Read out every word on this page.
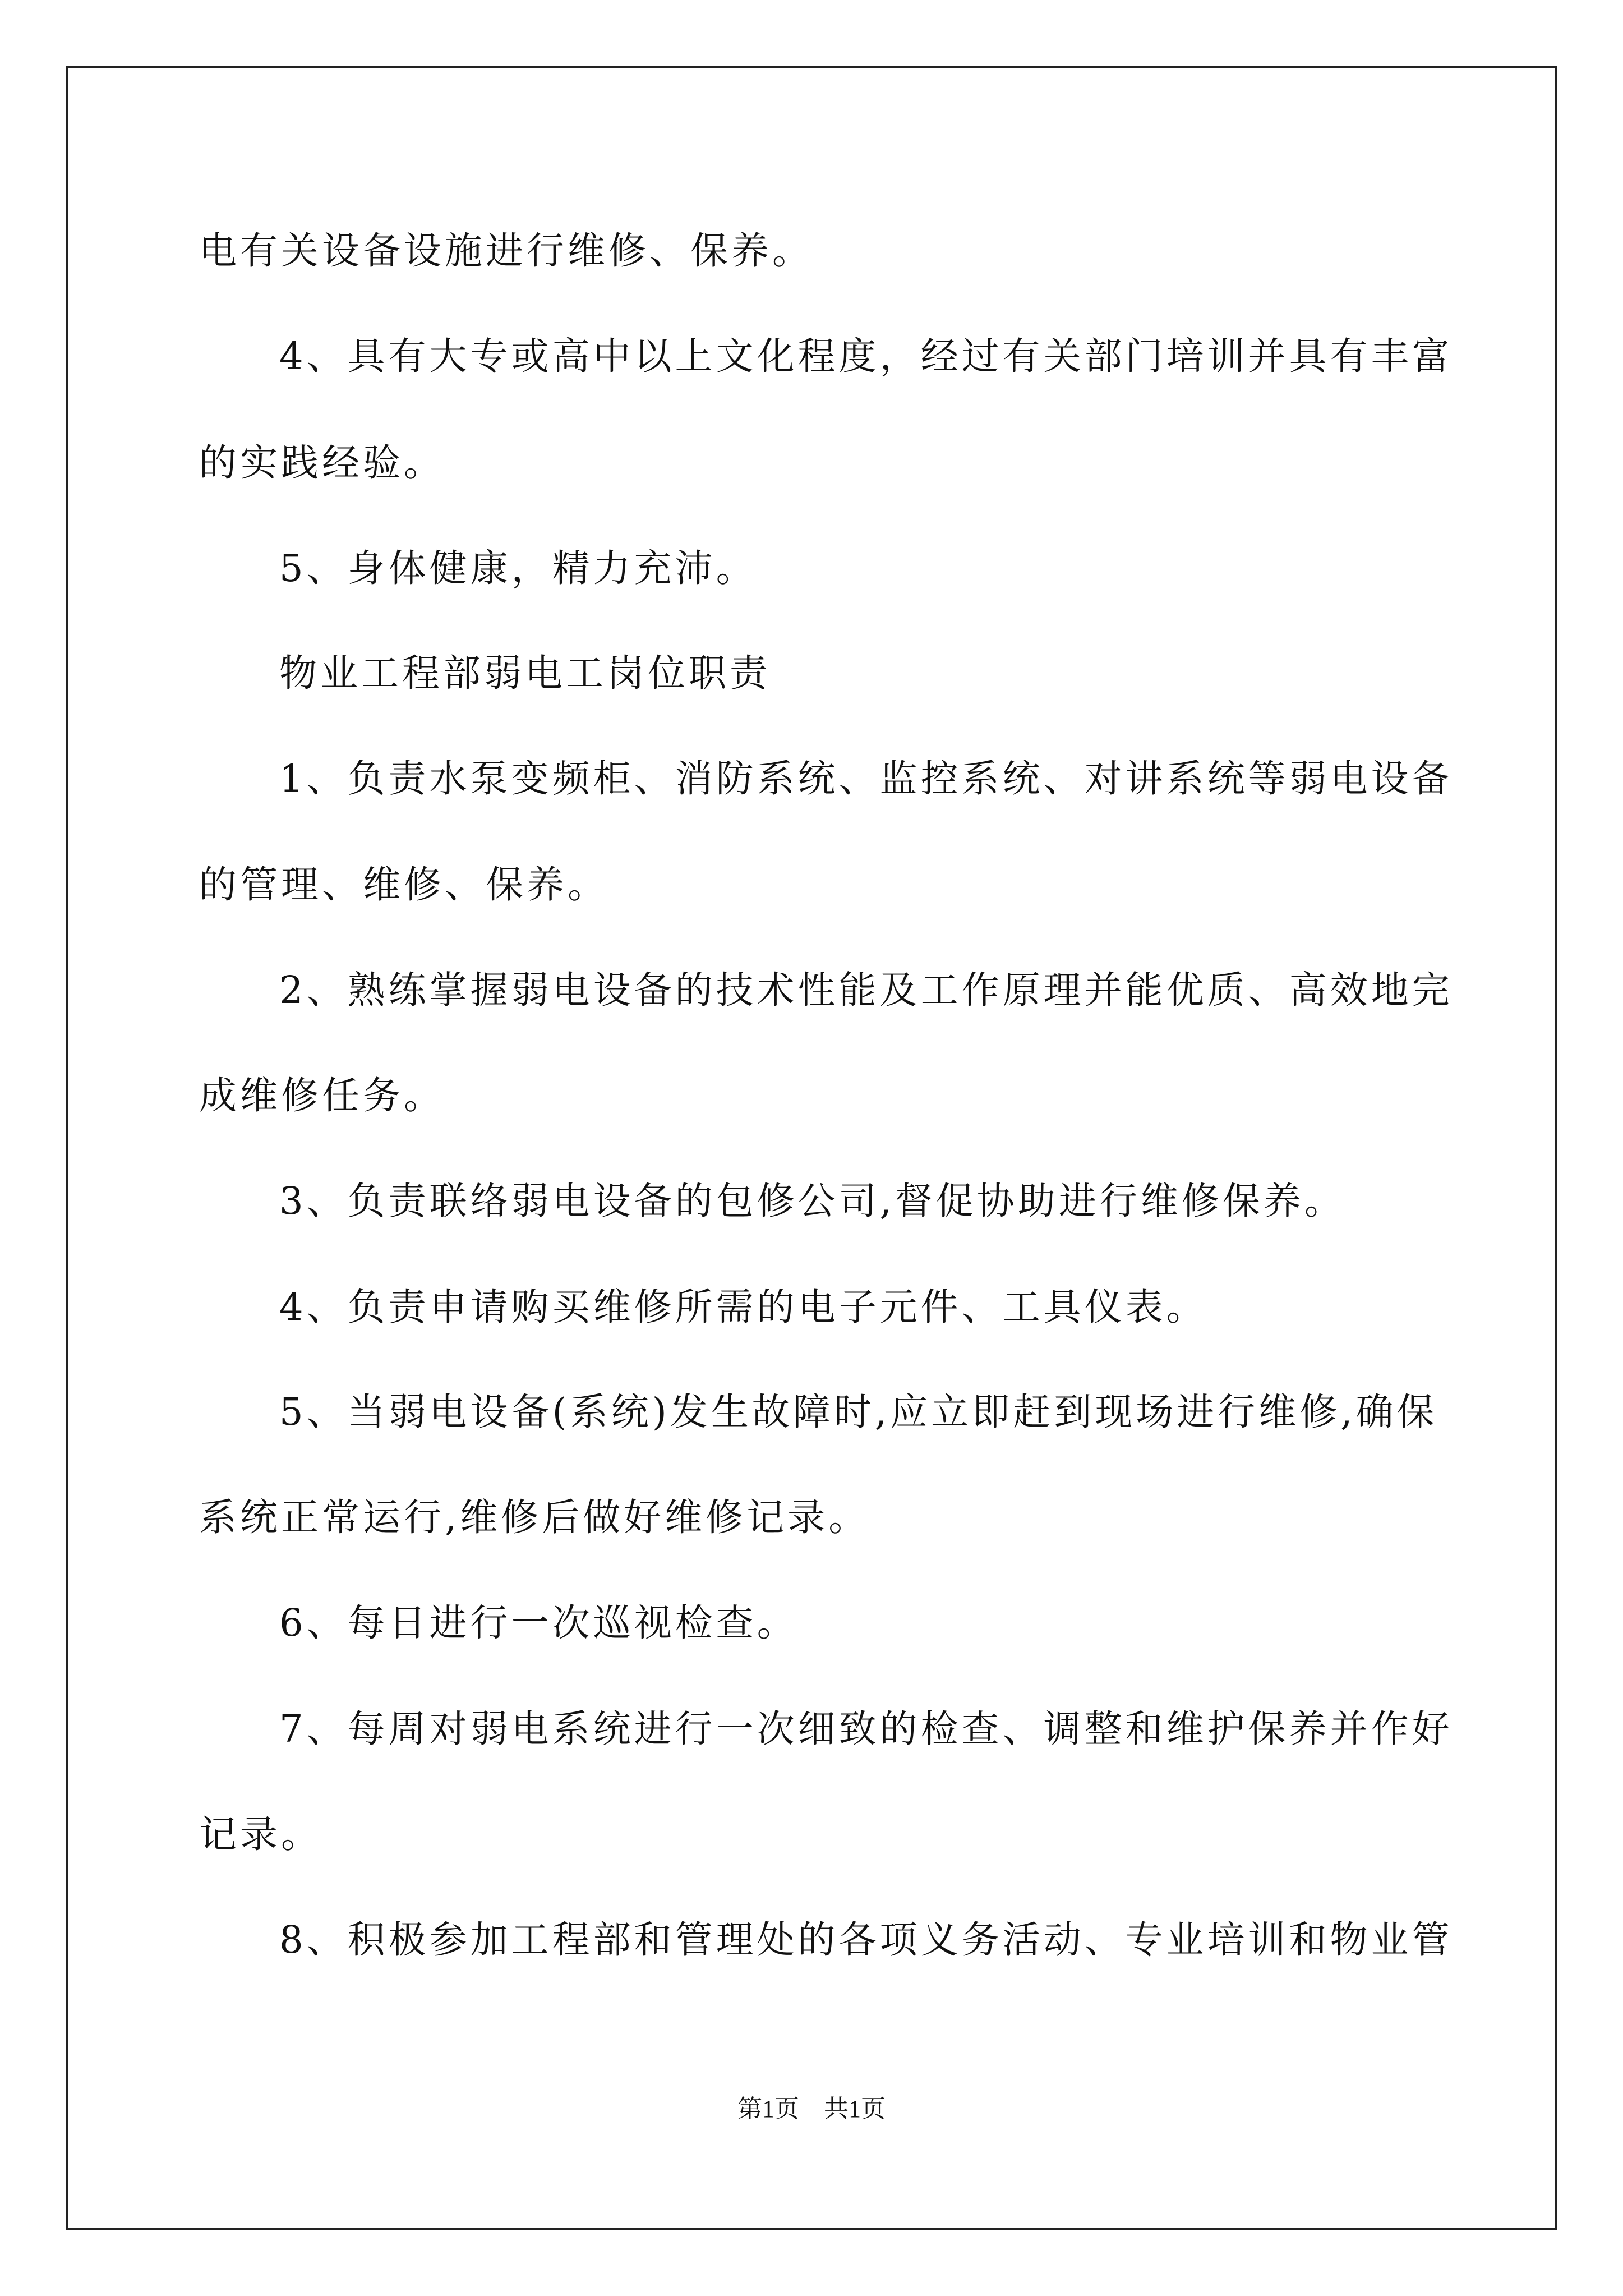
电有关设备设施进行维修、保养。
4、具有大专或高中以上文化程度，经过有关部门培训并具有丰富
的实践经验。
5、身体健康，精力充沛。
物业工程部弱电工岗位职责
1、负责水泵变频柜、消防系统、监控系统、对讲系统等弱电设备
的管理、维修、保养。
2、熟练掌握弱电设备的技术性能及工作原理并能优质、高效地完
成维修任务。
3、负责联络弱电设备的包修公司,督促协助进行维修保养。
4、负责申请购买维修所需的电子元件、工具仪表。
5、当弱电设备(系统)发生故障时,应立即赶到现场进行维修,确保
系统正常运行,维修后做好维修记录。
6、每日进行一次巡视检查。
7、每周对弱电系统进行一次细致的检查、调整和维护保养并作好
记录。
8、积极参加工程部和管理处的各项义务活动、专业培训和物业管
第1页　共1页
